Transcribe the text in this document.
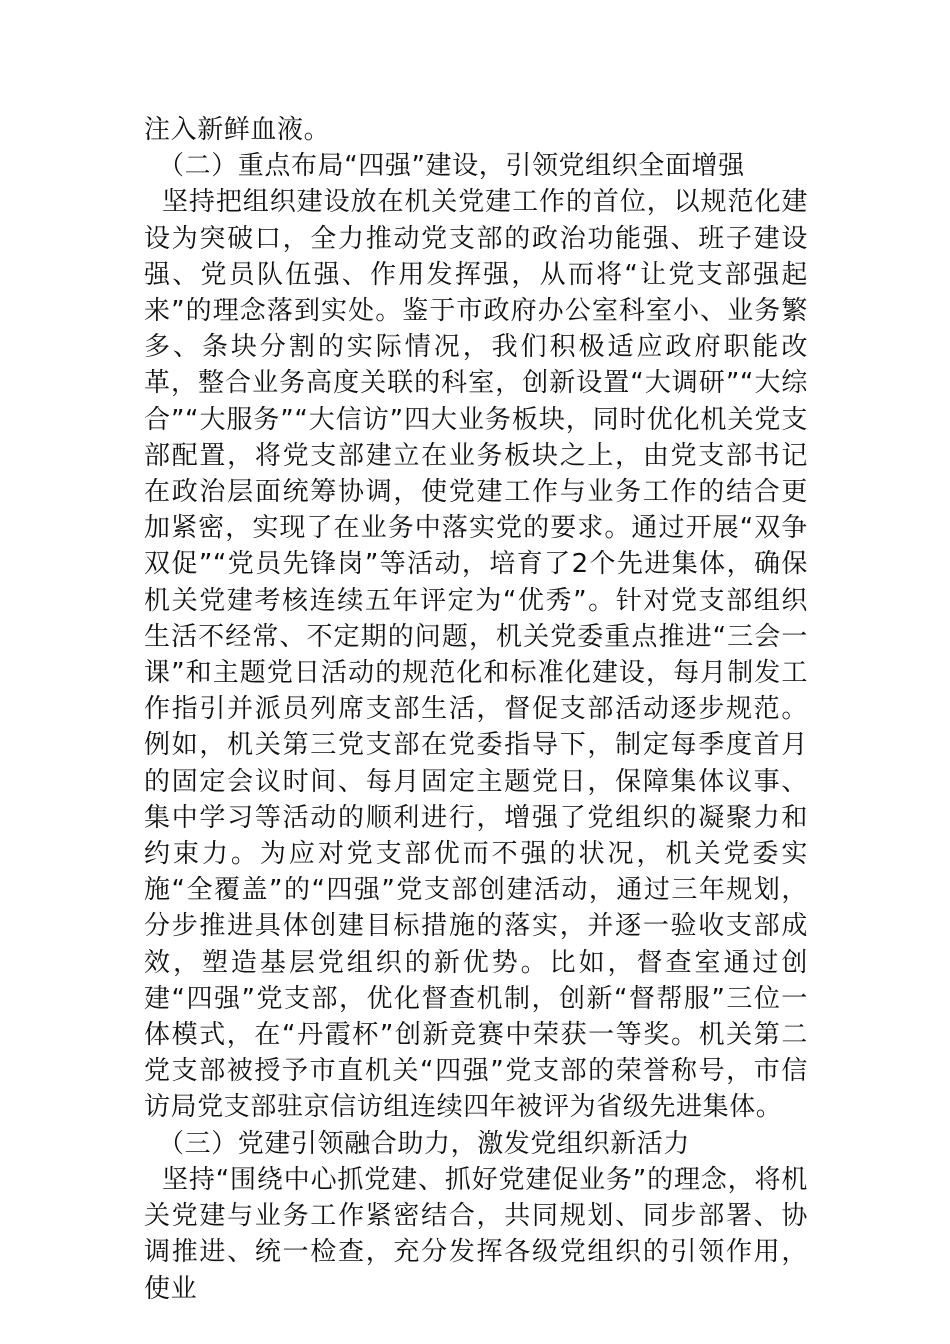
注入新鲜血液。

（二）重点布局“四强”建设，引领党组织全面增强

坚持把组织建设放在机关党建工作的首位，以规范化建设为突破口，全力推动党支部的政治功能强、班子建设强、党员队伍强、作用发挥强，从而将“让党支部强起来”的理念落到实处。鉴于市政府办公室科室小、业务繁多、条块分割的实际情况，我们积极适应政府职能改革，整合业务高度关联的科室，创新设置“大调研”“大综合”“大服务”“大信访”四大业务板块，同时优化机关党支部配置，将党支部建立在业务板块之上，由党支部书记在政治层面统筹协调，使党建工作与业务工作的结合更加紧密，实现了在业务中落实党的要求。通过开展“双争双促”“党员先锋岗”等活动，培育了2个先进集体，确保机关党建考核连续五年评定为“优秀”。针对党支部组织生活不经常、不定期的问题，机关党委重点推进“三会一课”和主题党日活动的规范化和标准化建设，每月制发工作指引并派员列席支部生活，督促支部活动逐步规范。例如，机关第三党支部在党委指导下，制定每季度首月的固定会议时间、每月固定主题党日，保障集体议事、集中学习等活动的顺利进行，增强了党组织的凝聚力和约束力。为应对党支部优而不强的状况，机关党委实施“全覆盖”的“四强”党支部创建活动，通过三年规划，分步推进具体创建目标措施的落实，并逐一验收支部成效，塑造基层党组织的新优势。比如，督查室通过创建“四强”党支部，优化督查机制，创新“督帮服”三位一体模式，在“丹霞杯”创新竞赛中荣获一等奖。机关第二党支部被授予市直机关“四强”党支部的荣誉称号，市信访局党支部驻京信访组连续四年被评为省级先进集体。

（三）党建引领融合助力，激发党组织新活力

坚持“围绕中心抓党建、抓好党建促业务”的理念，将机关党建与业务工作紧密结合，共同规划、同步部署、协调推进、统一检查，充分发挥各级党组织的引领作用，使业
